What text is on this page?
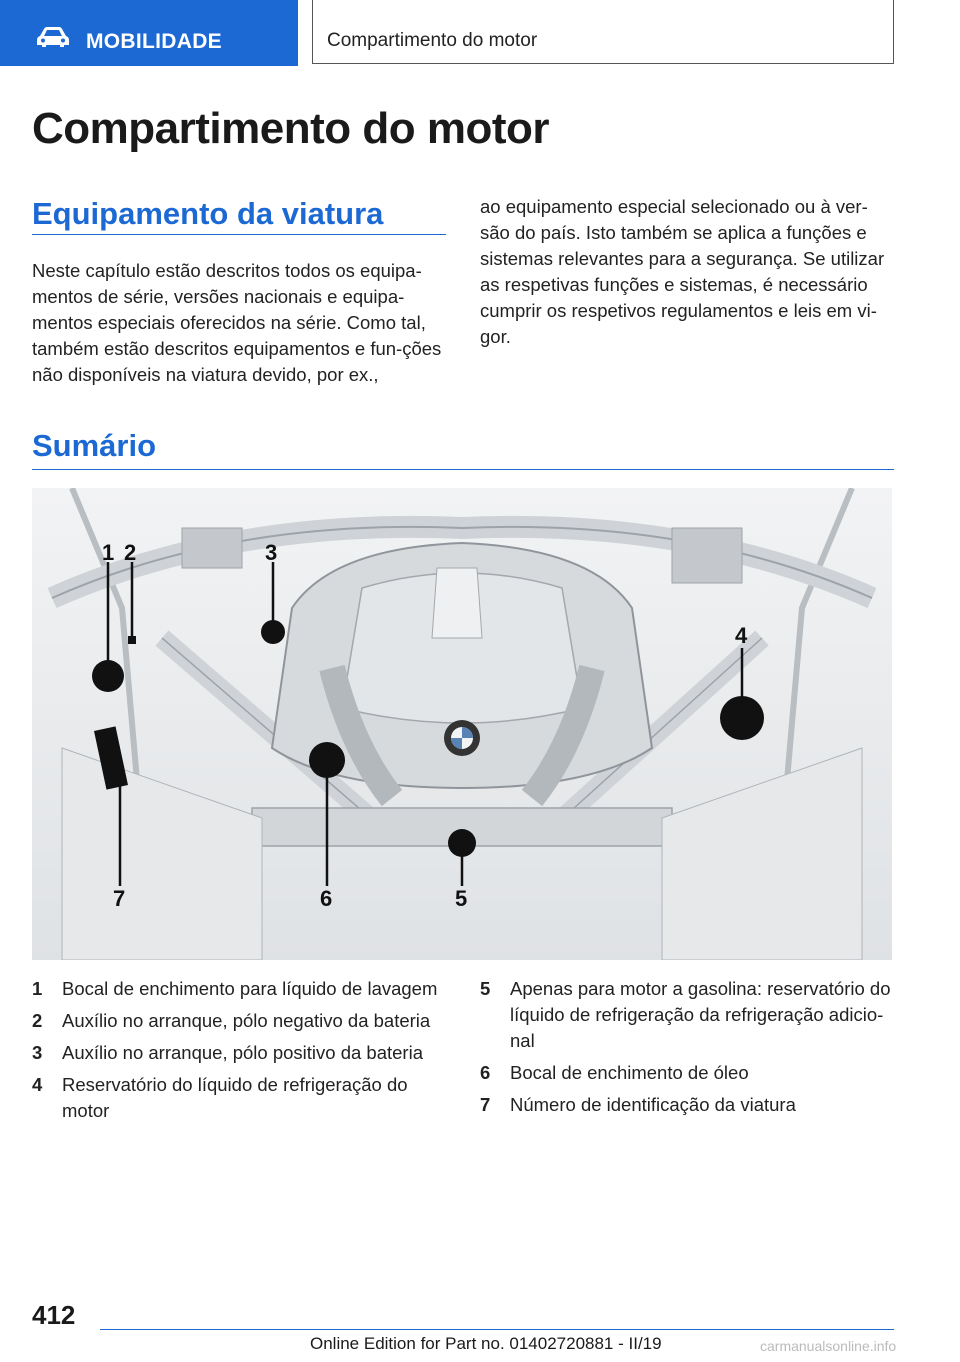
MOBILIDADE	Compartimento do motor
Compartimento do motor
Equipamento da viatura

Neste capítulo estão descritos todos os equipa-mentos de série, versões nacionais e equipa-mentos especiais oferecidos na série. Como tal, também estão descritos equipamentos e fun-ções não disponíveis na viatura devido, por ex.,

ao equipamento especial selecionado ou à ver-são do país. Isto também se aplica a funções e sistemas relevantes para a segurança. Se utilizar as respetivas funções e sistemas, é necessário cumprir os respetivos regulamentos e leis em vi-gor.

Sumário
1 2	3
4
5
6
7
1 Bocal de enchimento para líquido de lavagem
2 Auxílio no arranque, pólo negativo da bateria
3 Auxílio no arranque, pólo positivo da bateria
4 Reservatório do líquido de refrigeração do motor
5 Apenas para motor a gasolina: reservatório do líquido de refrigeração da refrigeração adicio-nal
6 Bocal de enchimento de óleo
7 Número de identificação da viatura
412
Online Edition for Part no. 01402720881 - II/19	carmanualsonline.info
